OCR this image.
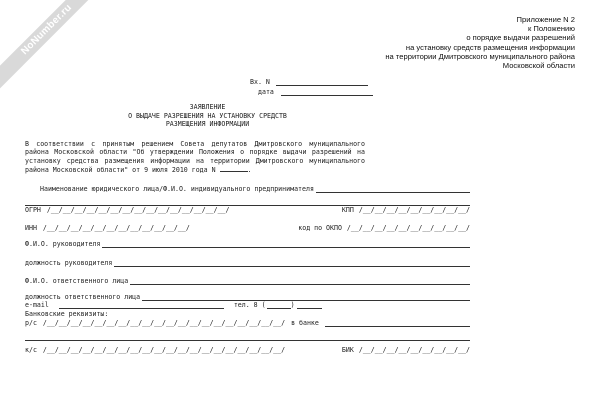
NoNumber.ru	Приложение N 2
к Положению
о порядке выдачи разрешений
на установку средств размещения информации
на территории Дмитровского муниципального района
Московской области
Вх. N
дата
ЗАЯВЛЕНИЕ
О ВЫДАЧЕ РАЗРЕШЕНИЯ НА УСТАНОВКУ СРЕДСТВ
РАЗМЕЩЕНИЯ ИНФОРМАЦИИ
В соответствии с принятым решением Совета депутатов Дмитровского муниципального района Московской области "Об утверждении Положения о порядке выдачи разрешений на установку средства размещения информации на территории Дмитровского муниципального района Московской области" от 9 июля 2010 года N	.
Наименование юридического лица/Ф.И.О. индивидуального предпринимателя
ОГРН /__/__/__/__/__/__/__/__/__/__/__/__/__/__/__/	КПП /__/__/__/__/__/__/__/__/__/
ИНН /__/__/__/__/__/__/__/__/__/__/__/__/	код по ОКПО /__/__/__/__/__/__/__/__/__/__/
Ф.И.О. руководителя
должность руководителя
Ф.И.О. ответственного лица
должность ответственного лица
e-mail	тел. 8 (	)
Банковские реквизиты:
р/с /__/__/__/__/__/__/__/__/__/__/__/__/__/__/__/__/__/__/__/__/ в банке
к/с /__/__/__/__/__/__/__/__/__/__/__/__/__/__/__/__/__/__/__/__/	БИК /__/__/__/__/__/__/__/__/__/
